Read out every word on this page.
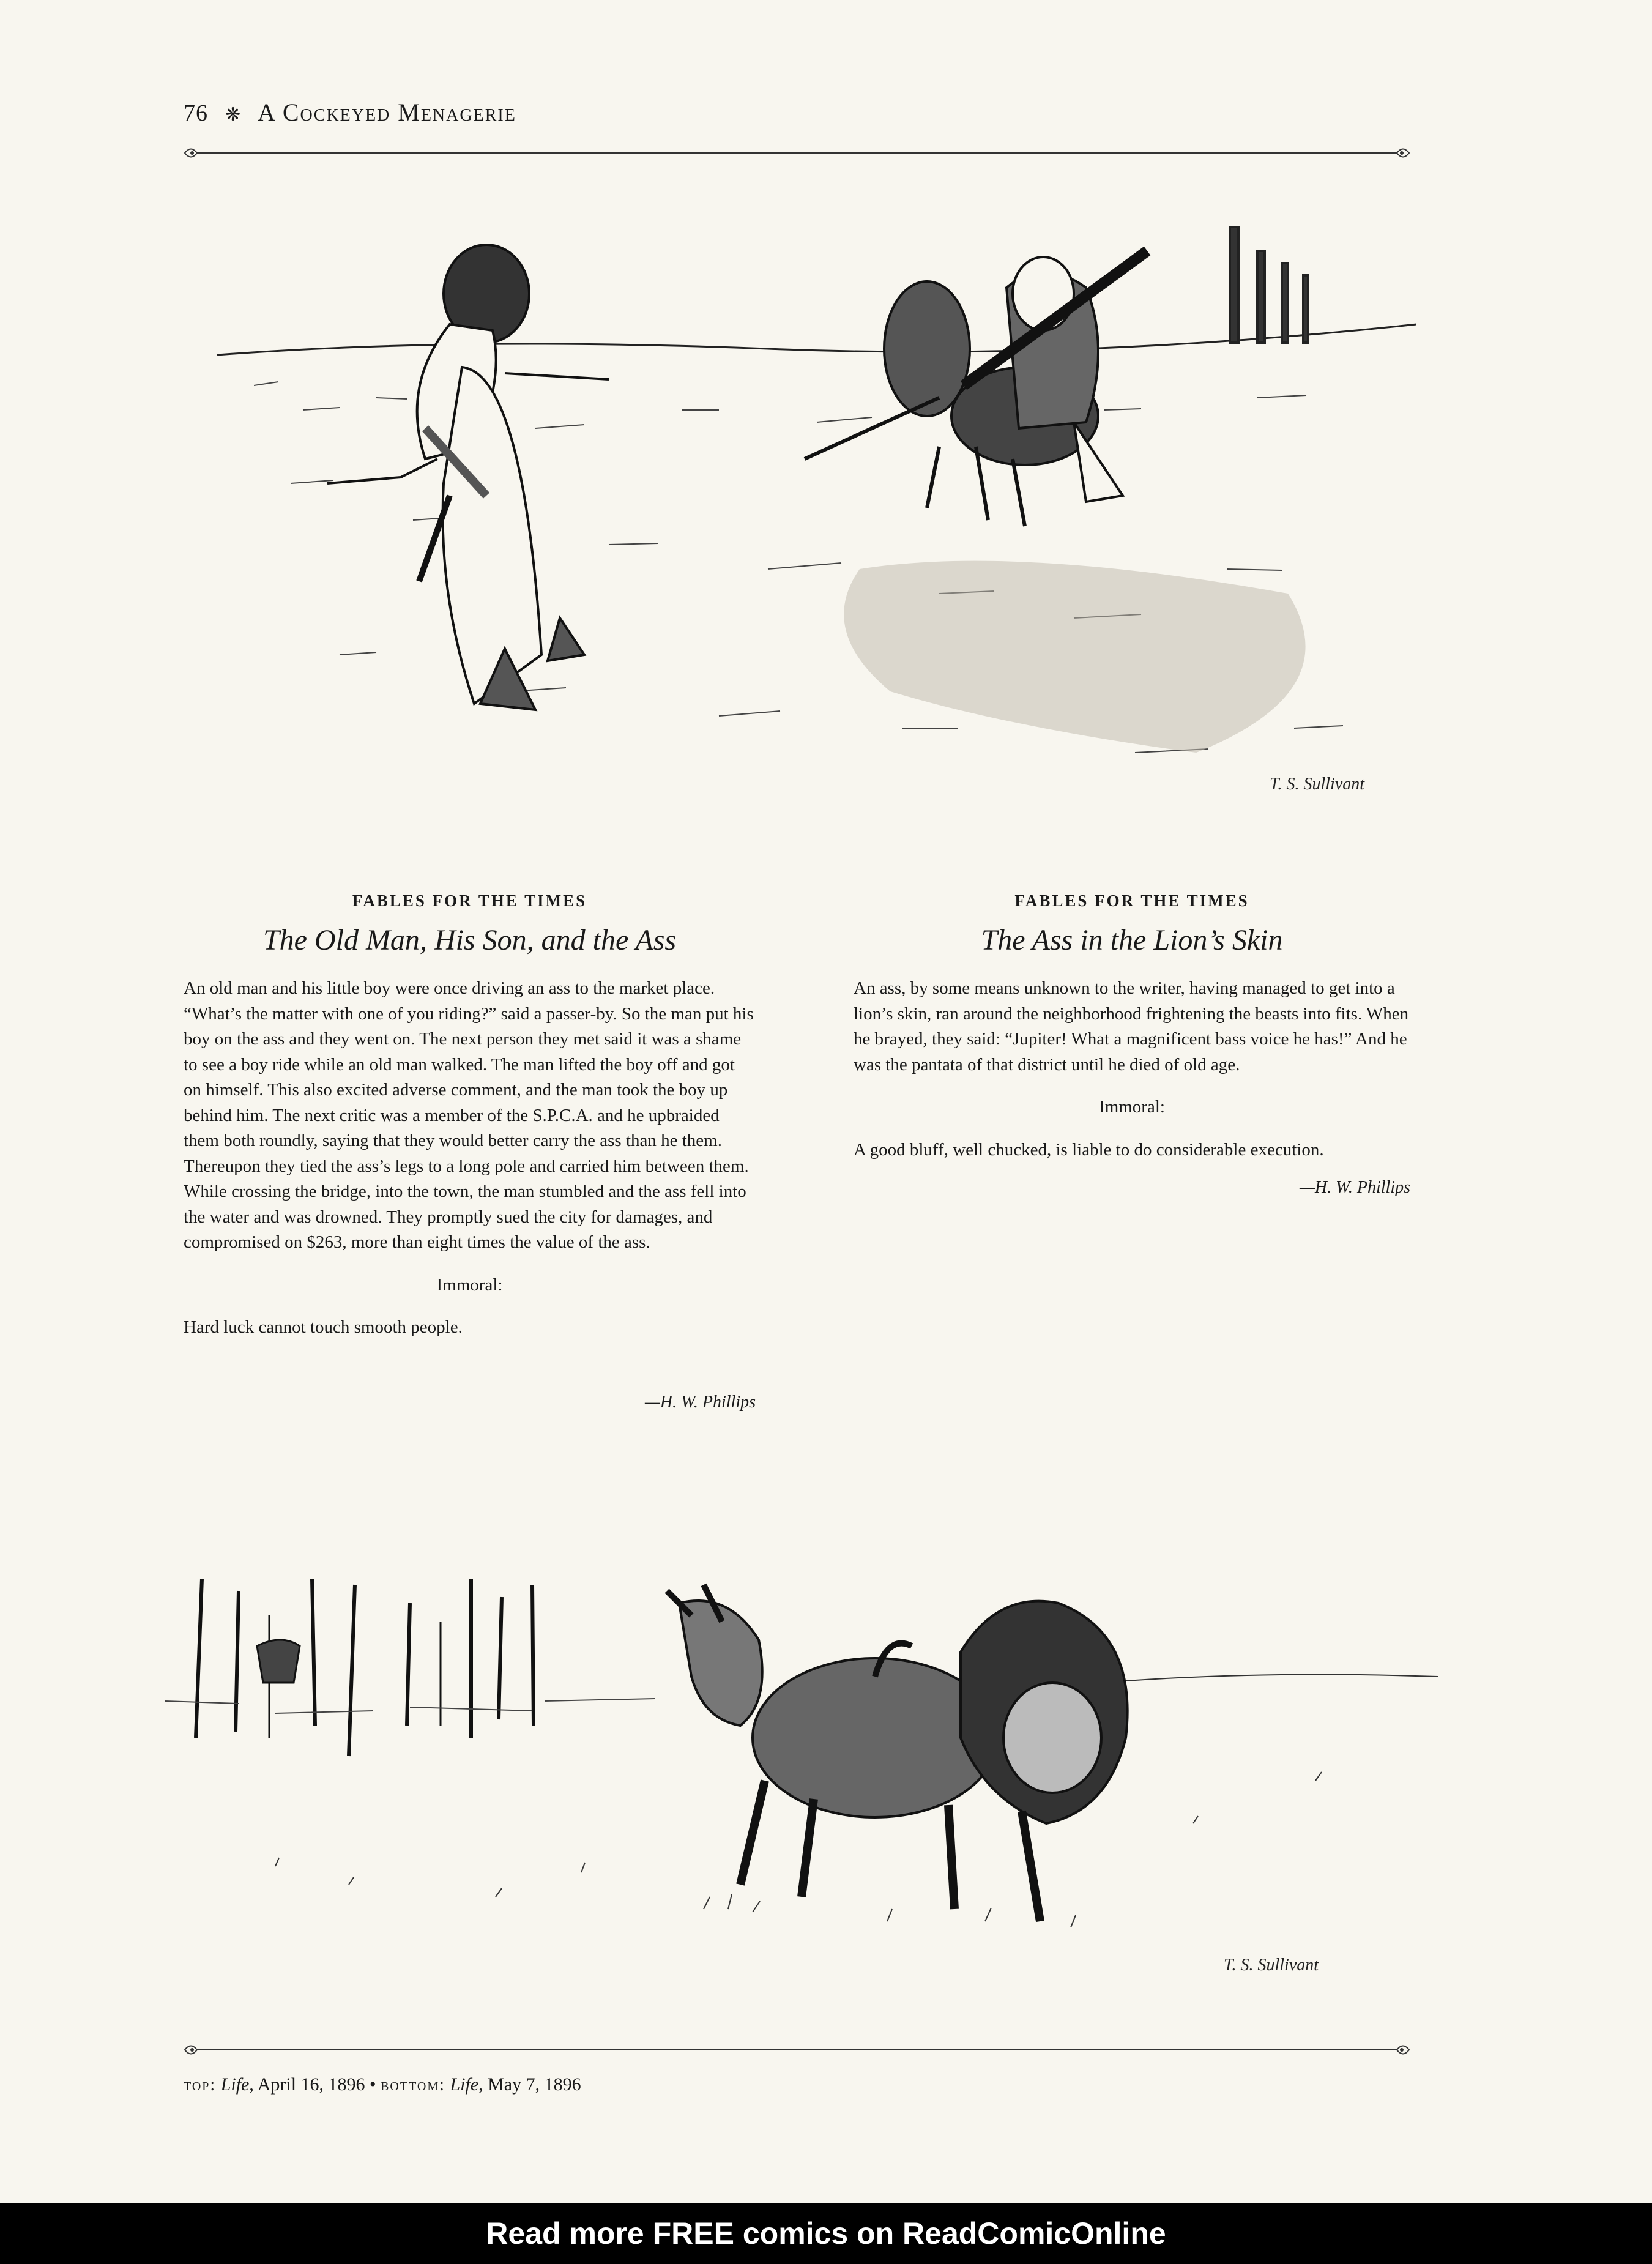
76 ❋ A Cockeyed Menagerie
T. S. Sullivant

FABLES FOR THE TIMES

The Old Man, His Son, and the Ass

An old man and his little boy were once driving an ass to the market place. “What’s the matter with one of you riding?” said a passer-by. So the man put his boy on the ass and they went on. The next person they met said it was a shame to see a boy ride while an old man walked. The man lifted the boy off and got on himself. This also excited adverse comment, and the man took the boy up behind him. The next critic was a member of the S.P.C.A. and he upbraided them both roundly, saying that they would better carry the ass than he them. Thereupon they tied the ass’s legs to a long pole and carried him between them. While crossing the bridge, into the town, the man stumbled and the ass fell into the water and was drowned. They promptly sued the city for damages, and compromised on $263, more than eight times the value of the ass.

Immoral:

Hard luck cannot touch smooth people.

—H. W. Phillips

FABLES FOR THE TIMES

The Ass in the Lion’s Skin

An ass, by some means unknown to the writer, having managed to get into a lion’s skin, ran around the neighborhood frightening the beasts into fits. When he brayed, they said: “Jupiter! What a magnificent bass voice he has!” And he was the pantata of that district until he died of old age.

Immoral:

A good bluff, well chucked, is liable to do considerable execution.

—H. W. Phillips

T. S. Sullivant
top: Life, April 16, 1896 • bottom: Life, May 7, 1896
Read more FREE comics on ReadComicOnline
